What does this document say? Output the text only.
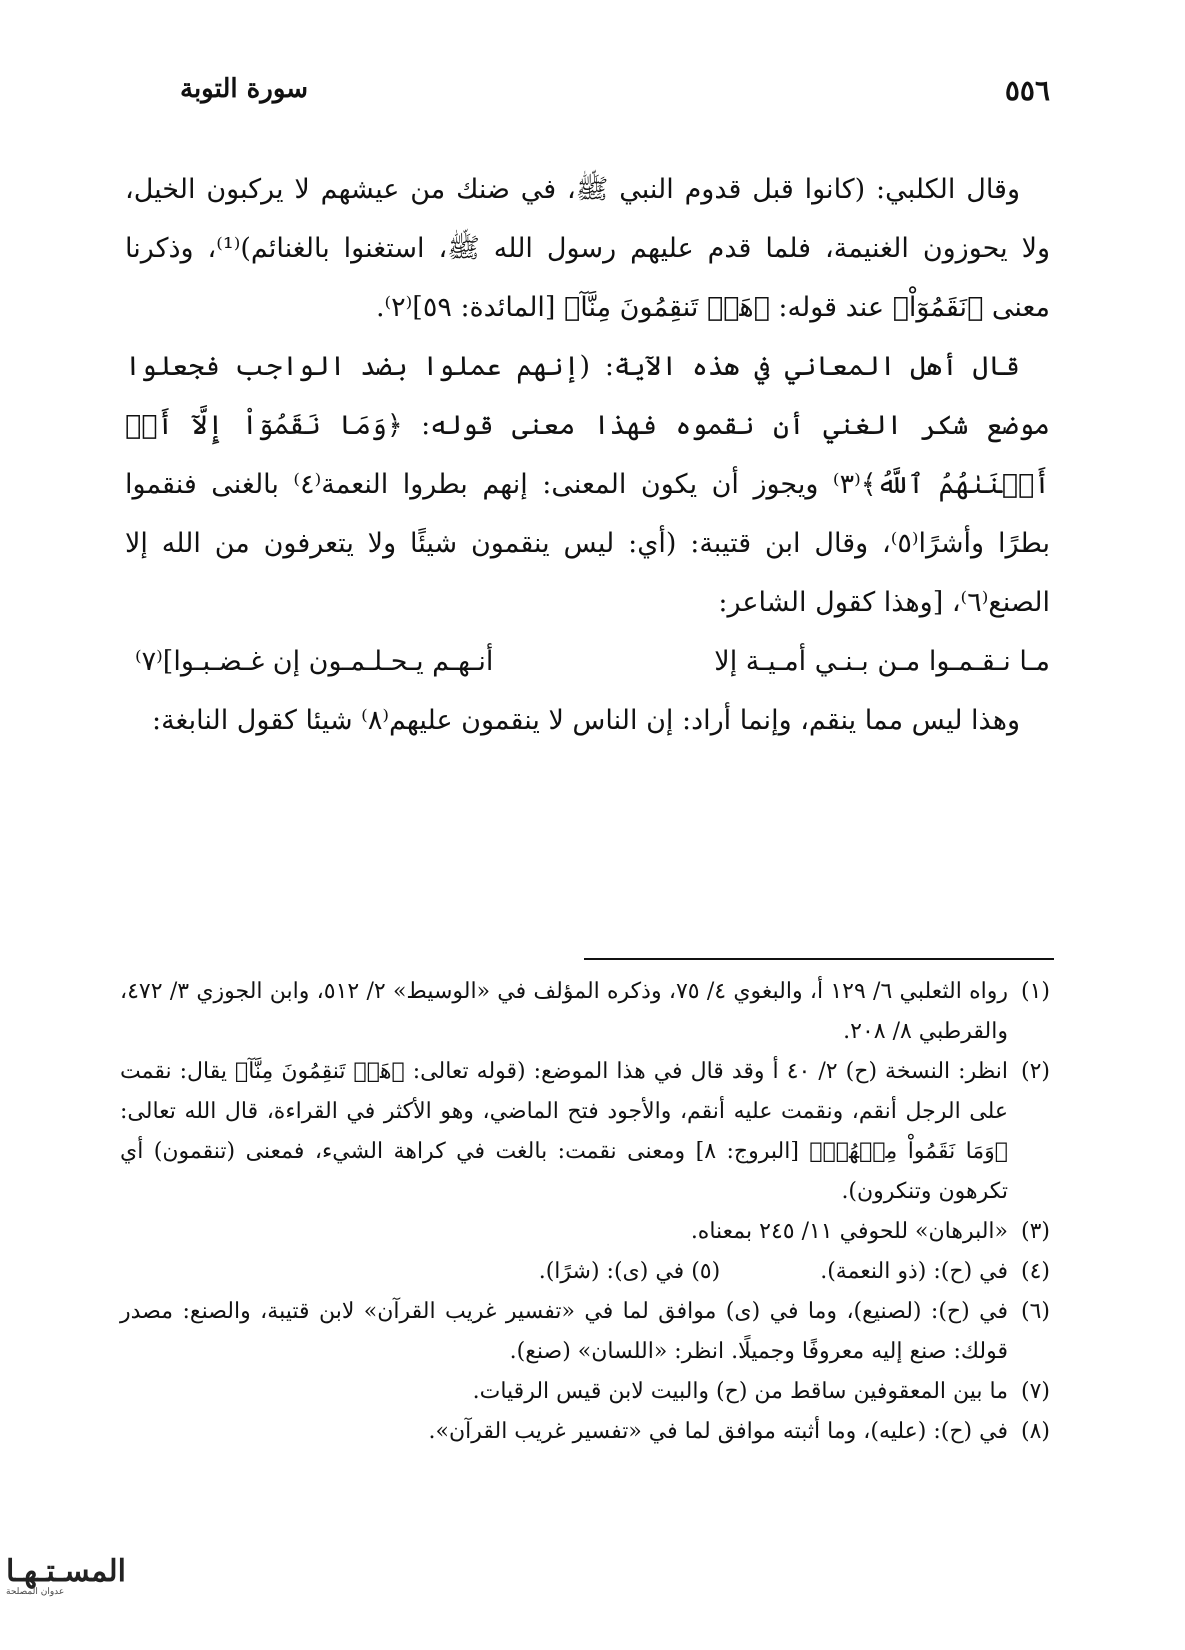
٥٥٦
سورة التوبة

وقال الكلبي: (كانوا قبل قدوم النبي ﷺ، في ضنك من عيشهم لا يركبون الخيل، ولا يحوزون الغنيمة، فلما قدم عليهم رسول الله ﷺ، استغنوا بالغنائم)⁽¹⁾، وذكرنا معنى ﴿نَقَمُوٓاْ﴾ عند قوله: ﴿هَلۡ تَنقِمُونَ مِنَّآ﴾ [المائدة: ٥٩]⁽٢⁾.

قال أهل المعاني في هذه الآية: (إنهم عملوا بضد الواجب فجعلوا موضع شكر الغني أن نقموه فهذا معنى قوله: ﴿وَمَا نَقَمُوٓاْ إِلَّآ أَنۡ أَغۡنَىٰهُمُ ٱللَّهُ﴾⁽٣⁾ ويجوز أن يكون المعنى: إنهم بطروا النعمة⁽٤⁾ بالغنى فنقموا بطرًا وأشرًا⁽٥⁾، وقال ابن قتيبة: (أي: ليس ينقمون شيئًا ولا يتعرفون من الله إلا الصنع⁽٦⁾، [وهذا كقول الشاعر:

مـا نـقـمـوا مـن بـنـي أمـيـة إلا
أنـهـم يـحـلـمـون إن غـضـبـوا]⁽٧⁾

وهذا ليس مما ينقم، وإنما أراد: إن الناس لا ينقمون عليهم⁽٨⁾ شيئا كقول النابغة:

(١)
رواه الثعلبي ٦/ ١٢٩ أ، والبغوي ٤/ ٧٥، وذكره المؤلف في «الوسيط» ٢/ ٥١٢، وابن الجوزي ٣/ ٤٧٢، والقرطبي ٨/ ٢٠٨.
(٢)
انظر: النسخة (ح) ٢/ ٤٠ أ وقد قال في هذا الموضع: (قوله تعالى: ﴿هَلۡ تَنقِمُونَ مِنَّآ﴾ يقال: نقمت على الرجل أنقم، ونقمت عليه أنقم، والأجود فتح الماضي، وهو الأكثر في القراءة، قال الله تعالى: ﴿وَمَا نَقَمُواْ مِنۡهُمۡ﴾ [البروج: ٨] ومعنى نقمت: بالغت في كراهة الشيء، فمعنى (تنقمون) أي تكرهون وتنكرون).
(٣)
«البرهان» للحوفي ١١/ ٢٤٥ بمعناه.
(٤)
في (ح): (ذو النعمة).
(٥)

في (ى): (شرًا).
(٦)
في (ح): (لصنيع)، وما في (ى) موافق لما في «تفسير غريب القرآن» لابن قتيبة، والصنع: مصدر قولك: صنع إليه معروفًا وجميلًا. انظر: «اللسان» (صنع).
(٧)
ما بين المعقوفين ساقط من (ح) والبيت لابن قيس الرقيات.
(٨)
في (ح): (عليه)، وما أثبته موافق لما في «تفسير غريب القرآن».
المسـتـهـا
عدوان المصلحة
